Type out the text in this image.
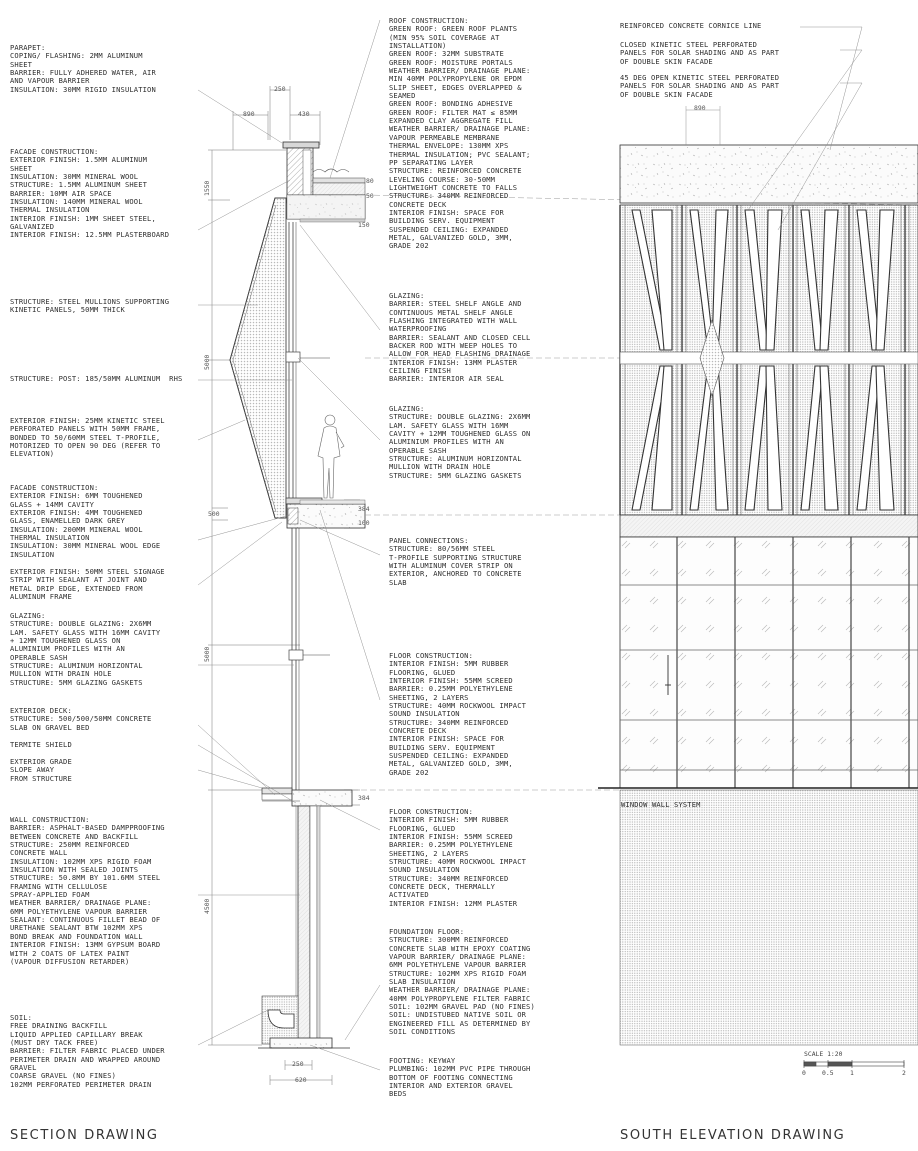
PARAPET:
COPING/ FLASHING: 2MM ALUMINUM
SHEET
BARRIER: FULLY ADHERED WATER, AIR
AND VAPOUR BARRIER
INSULATION: 30MM RIGID INSULATION
FACADE CONSTRUCTION:
EXTERIOR FINISH: 1.5MM ALUMINUM
SHEET
INSULATION: 30MM MINERAL WOOL
STRUCTURE: 1.5MM ALUMINUM SHEET
BARRIER: 10MM AIR SPACE
INSULATION: 140MM MINERAL WOOL
THERMAL INSULATION
INTERIOR FINISH: 1MM SHEET STEEL,
GALVANIZED
INTERIOR FINISH: 12.5MM PLASTERBOARD
STRUCTURE: STEEL MULLIONS SUPPORTING
KINETIC PANELS, 50MM THICK
STRUCTURE: POST: 185/50MM ALUMINUM  RHS
EXTERIOR FINISH: 25MM KINETIC STEEL
PERFORATED PANELS WITH 50MM FRAME,
BONDED TO 50/60MM STEEL T-PROFILE,
MOTORIZED TO OPEN 90 DEG (REFER TO
ELEVATION)
FACADE CONSTRUCTION:
EXTERIOR FINISH: 6MM TOUGHENED
GLASS + 14MM CAVITY
EXTERIOR FINISH: 4MM TOUGHENED
GLASS, ENAMELLED DARK GREY
INSULATION: 200MM MINERAL WOOL
THERMAL INSULATION
INSULATION: 30MM MINERAL WOOL EDGE
INSULATION
EXTERIOR FINISH: 50MM STEEL SIGNAGE
STRIP WITH SEALANT AT JOINT AND
METAL DRIP EDGE, EXTENDED FROM
ALUMINUM FRAME
GLAZING:
STRUCTURE: DOUBLE GLAZING: 2X6MM
LAM. SAFETY GLASS WITH 16MM CAVITY
+ 12MM TOUGHENED GLASS ON
ALUMINIUM PROFILES WITH AN
OPERABLE SASH
STRUCTURE: ALUMINUM HORIZONTAL
MULLION WITH DRAIN HOLE
STRUCTURE: 5MM GLAZING GASKETS
EXTERIOR DECK:
STRUCTURE: 500/500/50MM CONCRETE
SLAB ON GRAVEL BED
TERMITE SHIELD
EXTERIOR GRADE
SLOPE AWAY
FROM STRUCTURE
WALL CONSTRUCTION:
BARRIER: ASPHALT-BASED DAMPPROOFING
BETWEEN CONCRETE AND BACKFILL
STRUCTURE: 250MM REINFORCED
CONCRETE WALL
INSULATION: 102MM XPS RIGID FOAM
INSULATION WITH SEALED JOINTS
STRUCTURE: 50.8MM BY 101.6MM STEEL
FRAMING WITH CELLULOSE
SPRAY-APPLIED FOAM
WEATHER BARRIER/ DRAINAGE PLANE:
6MM POLYETHYLENE VAPOUR BARRIER
SEALANT: CONTINUOUS FILLET BEAD OF
URETHANE SEALANT BTW 102MM XPS
BOND BREAK AND FOUNDATION WALL
INTERIOR FINISH: 13MM GYPSUM BOARD
WITH 2 COATS OF LATEX PAINT
(VAPOUR DIFFUSION RETARDER)
SOIL:
FREE DRAINING BACKFILL
LIQUID APPLIED CAPILLARY BREAK
(MUST DRY TACK FREE)
BARRIER: FILTER FABRIC PLACED UNDER
PERIMETER DRAIN AND WRAPPED AROUND
GRAVEL
COARSE GRAVEL (NO FINES)
102MM PERFORATED PERIMETER DRAIN
ROOF CONSTRUCTION:
GREEN ROOF: GREEN ROOF PLANTS
(MIN 95% SOIL COVERAGE AT
INSTALLATION)
GREEN ROOF: 32MM SUBSTRATE
GREEN ROOF: MOISTURE PORTALS
WEATHER BARRIER/ DRAINAGE PLANE:
MIN 40MM POLYPROPYLENE OR EPDM
SLIP SHEET, EDGES OVERLAPPED &
SEAMED
GREEN ROOF: BONDING ADHESIVE
GREEN ROOF: FILTER MAT ≤ 85MM
EXPANDED CLAY AGGREGATE FILL
WEATHER BARRIER/ DRAINAGE PLANE:
VAPOUR PERMEABLE MEMBRANE
THERMAL ENVELOPE: 130MM XPS
THERMAL INSULATION; PVC SEALANT;
PP SEPARATING LAYER
STRUCTURE: REINFORCED CONCRETE
LEVELING COURSE: 30-50MM
LIGHTWEIGHT CONCRETE TO FALLS
STRUCTURE: 340MM REINFORCED
CONCRETE DECK
INTERIOR FINISH: SPACE FOR
BUILDING SERV. EQUIPMENT
SUSPENDED CEILING: EXPANDED
METAL, GALVANIZED GOLD, 3MM,
GRADE 202
GLAZING:
BARRIER: STEEL SHELF ANGLE AND
CONTINUOUS METAL SHELF ANGLE
FLASHING INTEGRATED WITH WALL
WATERPROOFING
BARRIER: SEALANT AND CLOSED CELL
BACKER ROD WITH WEEP HOLES TO
ALLOW FOR HEAD FLASHING DRAINAGE
INTERIOR FINISH: 13MM PLASTER
CEILING FINISH
BARRIER: INTERIOR AIR SEAL
GLAZING:
STRUCTURE: DOUBLE GLAZING: 2X6MM
LAM. SAFETY GLASS WITH 16MM
CAVITY + 12MM TOUGHENED GLASS ON
ALUMINIUM PROFILES WITH AN
OPERABLE SASH
STRUCTURE: ALUMINUM HORIZONTAL
MULLION WITH DRAIN HOLE
STRUCTURE: 5MM GLAZING GASKETS
PANEL CONNECTIONS:
STRUCTURE: 80/56MM STEEL
T-PROFILE SUPPORTING STRUCTURE
WITH ALUMINUM COVER STRIP ON
EXTERIOR, ANCHORED TO CONCRETE
SLAB
FLOOR CONSTRUCTION:
INTERIOR FINISH: 5MM RUBBER
FLOORING, GLUED
INTERIOR FINISH: 55MM SCREED
BARRIER: 0.25MM POLYETHYLENE
SHEETING, 2 LAYERS
STRUCTURE: 40MM ROCKWOOL IMPACT
SOUND INSULATION
STRUCTURE: 340MM REINFORCED
CONCRETE DECK
INTERIOR FINISH: SPACE FOR
BUILDING SERV. EQUIPMENT
SUSPENDED CEILING: EXPANDED
METAL, GALVANIZED GOLD, 3MM,
GRADE 202
FLOOR CONSTRUCTION:
INTERIOR FINISH: 5MM RUBBER
FLOORING, GLUED
INTERIOR FINISH: 55MM SCREED
BARRIER: 0.25MM POLYETHYLENE
SHEETING, 2 LAYERS
STRUCTURE: 40MM ROCKWOOL IMPACT
SOUND INSULATION
STRUCTURE: 340MM REINFORCED
CONCRETE DECK, THERMALLY
ACTIVATED
INTERIOR FINISH: 12MM PLASTER
FOUNDATION FLOOR:
STRUCTURE: 300MM REINFORCED
CONCRETE SLAB WITH EPOXY COATING
VAPOUR BARRIER/ DRAINAGE PLANE:
6MM POLYETHYLENE VAPOUR BARRIER
STRUCTURE: 102MM XPS RIGID FOAM
SLAB INSULATION
WEATHER BARRIER/ DRAINAGE PLANE:
40MM POLYPROPYLENE FILTER FABRIC
SOIL: 102MM GRAVEL PAD (NO FINES)
SOIL: UNDISTUBED NATIVE SOIL OR
ENGINEERED FILL AS DETERMINED BY
SOIL CONDITIONS
FOOTING: KEYWAY
PLUMBING: 102MM PVC PIPE THROUGH
BOTTOM OF FOOTING CONNECTING
INTERIOR AND EXTERIOR GRAVEL
BEDS
REINFORCED CONCRETE CORNICE LINE
CLOSED KINETIC STEEL PERFORATED
PANELS FOR SOLAR SHADING AND AS PART
OF DOUBLE SKIN FACADE
45 DEG OPEN KINETIC STEEL PERFORATED
PANELS FOR SOLAR SHADING AND AS PART
OF DOUBLE SKIN FACADE
WINDOW WALL SYSTEM
890
250
430
1550	80
50
150
5000
500
384
100
5000
384
4500
250
620
890
SCALE 1:20
0	0.5	1	2
SECTION DRAWING	SOUTH ELEVATION DRAWING
